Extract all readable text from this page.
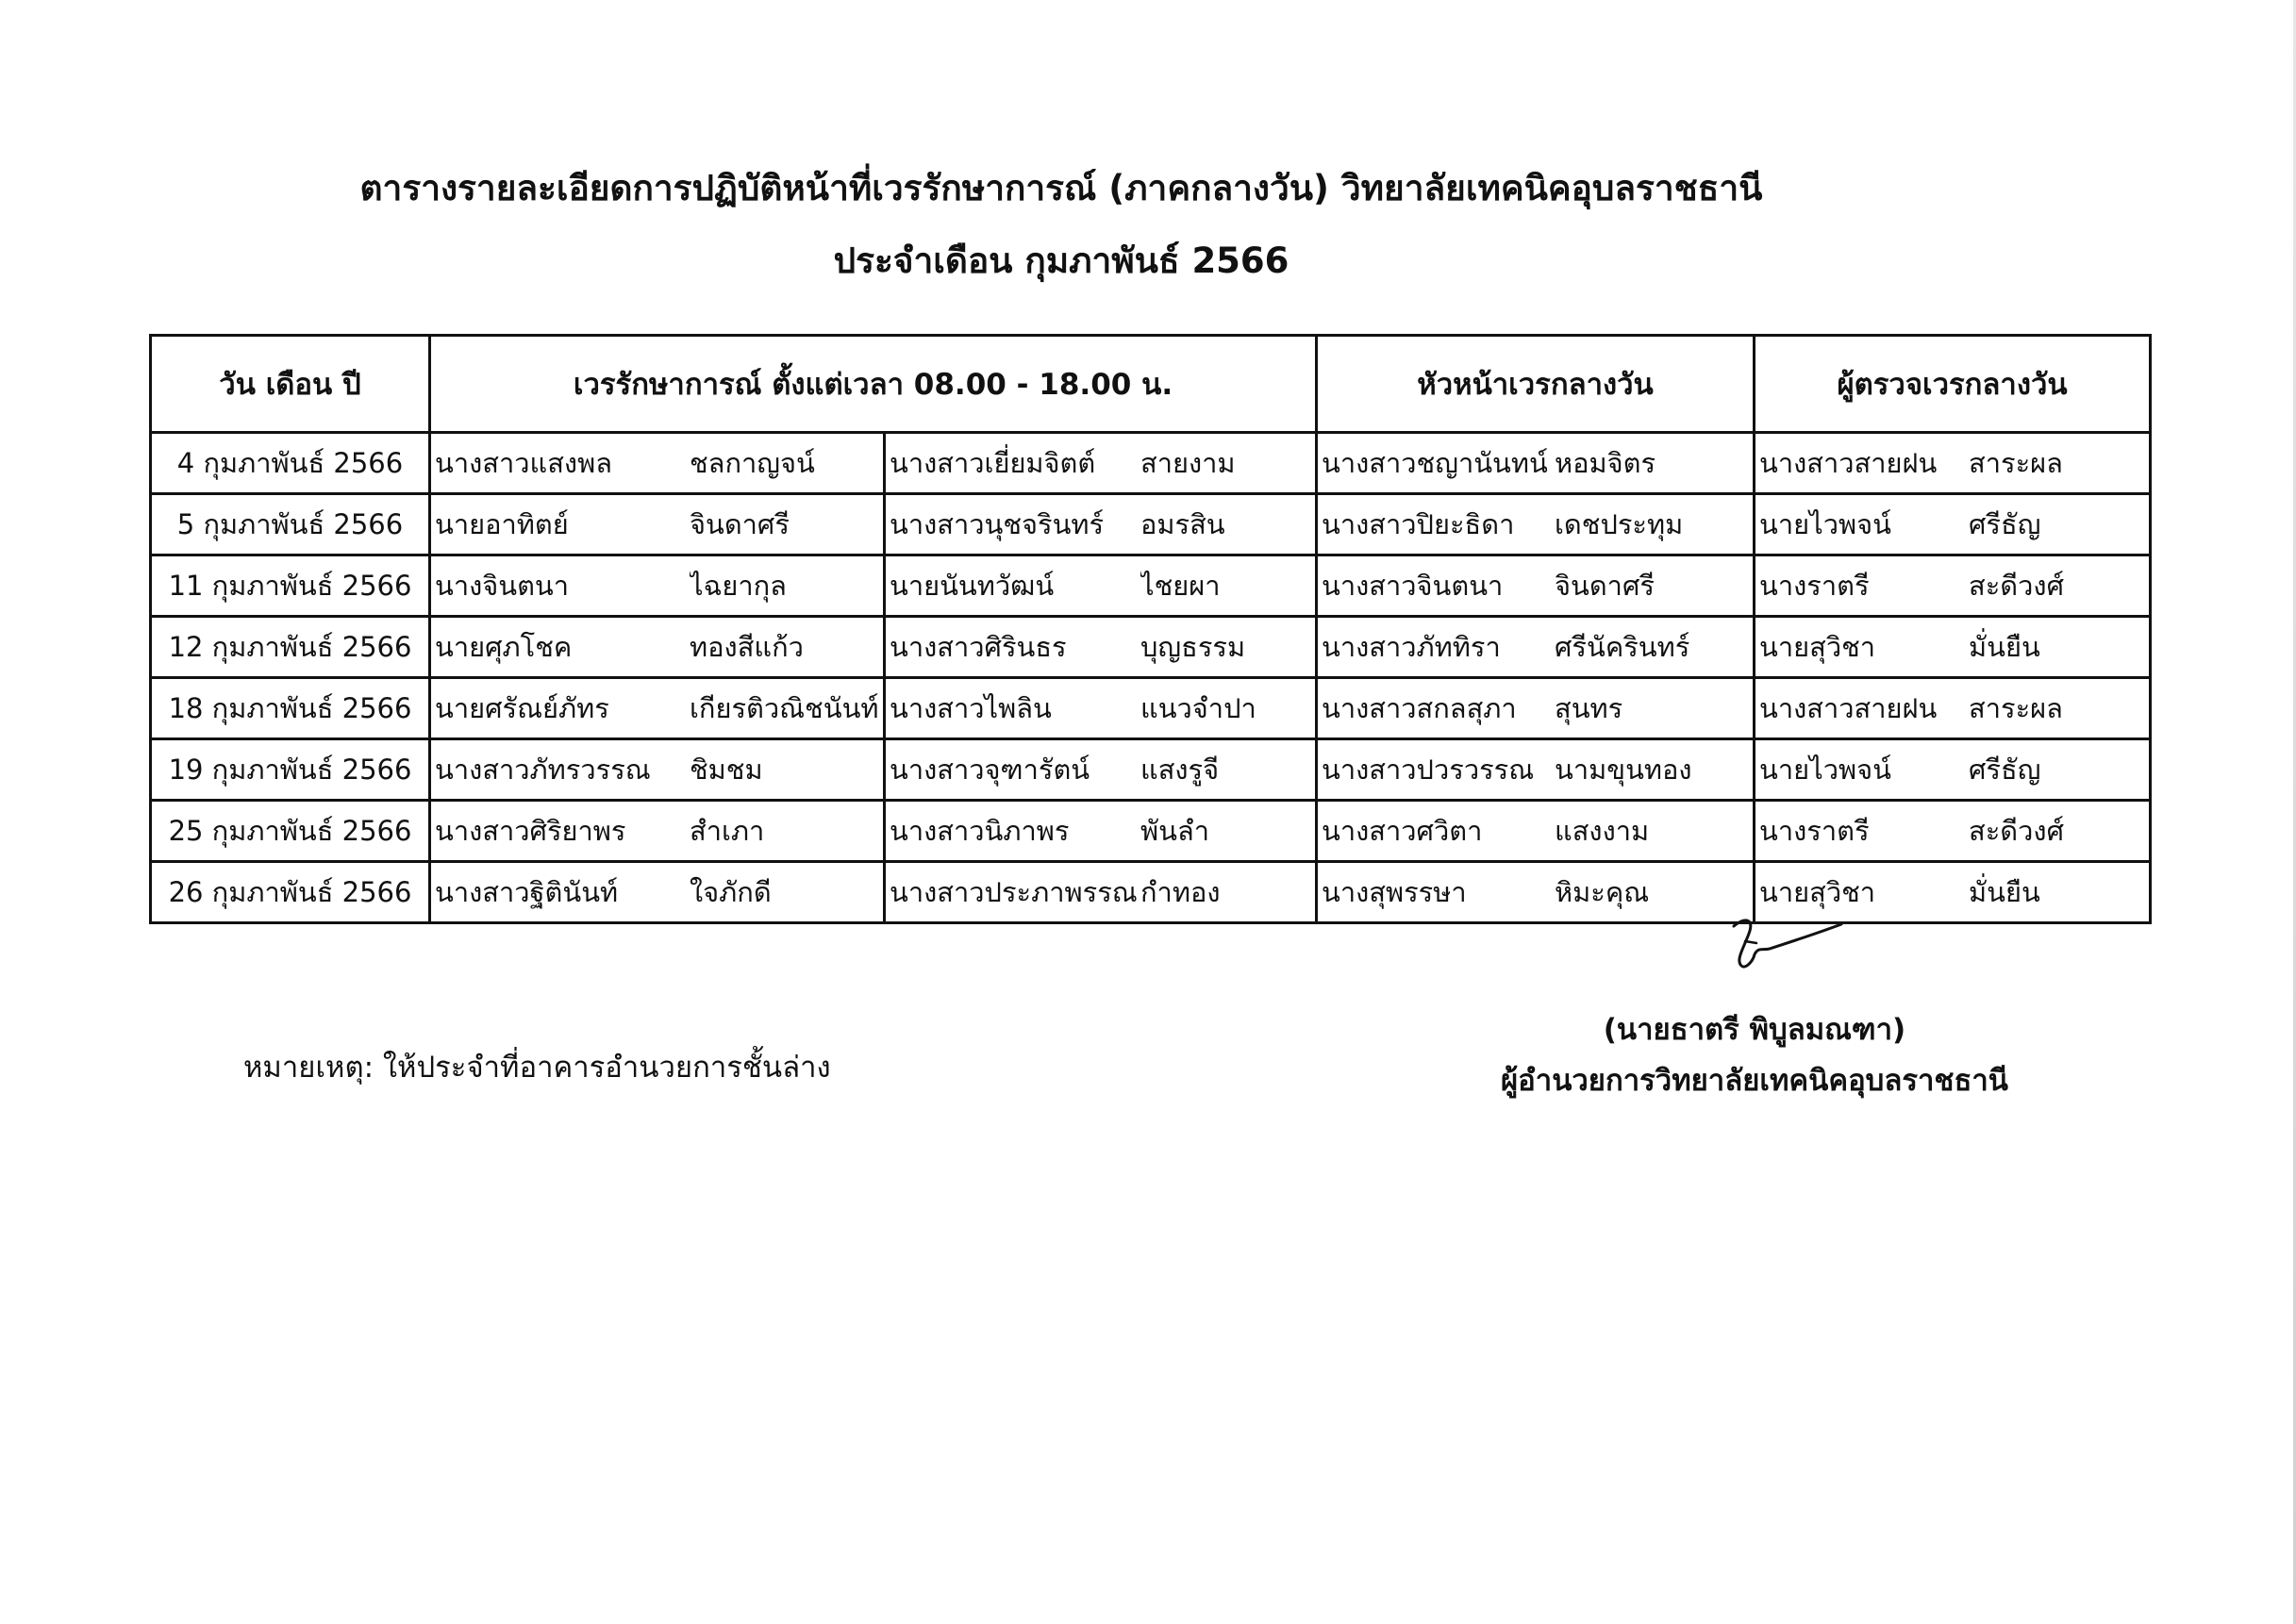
ตารางรายละเอียดการปฏิบัติหน้าที่เวรรักษาการณ์ (ภาคกลางวัน) วิทยาลัยเทคนิคอุบลราชธานี
ประจำเดือน กุมภาพันธ์ 2566
วัน เดือน ปี	เวรรักษาการณ์ ตั้งแต่เวลา 08.00 - 18.00 น.		หัวหน้าเวรกลางวัน	ผู้ตรวจเวรกลางวัน
4 กุมภาพันธ์ 2566	นางสาวแสงพล ชลกาญจน์	นางสาวเยี่ยมจิตต์ สายงาม	นางสาวชญานันทน์ หอมจิตร	นางสาวสายฝน สาระผล

5 กุมภาพันธ์ 2566	นายอาทิตย์ จินดาศรี	นางสาวนุชจรินทร์ อมรสิน	นางสาวปิยะธิดา เดชประทุม	นายไวพจน์ ศรีธัญ

11 กุมภาพันธ์ 2566	นางจินตนา ไฉยากุล	นายนันทวัฒน์ ไชยผา	นางสาวจินตนา จินดาศรี	นางราตรี สะดีวงศ์

12 กุมภาพันธ์ 2566	นายศุภโชค ทองสีแก้ว	นางสาวศิรินธร บุญธรรม	นางสาวภัททิรา ศรีนัครินทร์	นายสุวิชา มั่นยืน

18 กุมภาพันธ์ 2566	นายศรัณย์ภัทร เกียรติวณิชนันท์	นางสาวไพลิน แนวจำปา	นางสาวสกลสุภา สุนทร	นางสาวสายฝน สาระผล

19 กุมภาพันธ์ 2566	นางสาวภัทรวรรณ ชิมชม	นางสาวจุฑารัตน์ แสงรูจี	นางสาวปวรวรรณ นามขุนทอง	นายไวพจน์ ศรีธัญ

25 กุมภาพันธ์ 2566	นางสาวศิริยาพร สำเภา	นางสาวนิภาพร พันลำ	นางสาวศวิตา แสงงาม	นางราตรี สะดีวงศ์

26 กุมภาพันธ์ 2566	นางสาวฐิตินันท์ ใจภักดี	นางสาวประภาพรรณ กำทอง	นางสุพรรษา หิมะคุณ	นายสุวิชา มั่นยืน
หมายเหตุ: ให้ประจำที่อาคารอำนวยการชั้นล่าง
(นายธาตรี พิบูลมณฑา)
ผู้อำนวยการวิทยาลัยเทคนิคอุบลราชธานี
